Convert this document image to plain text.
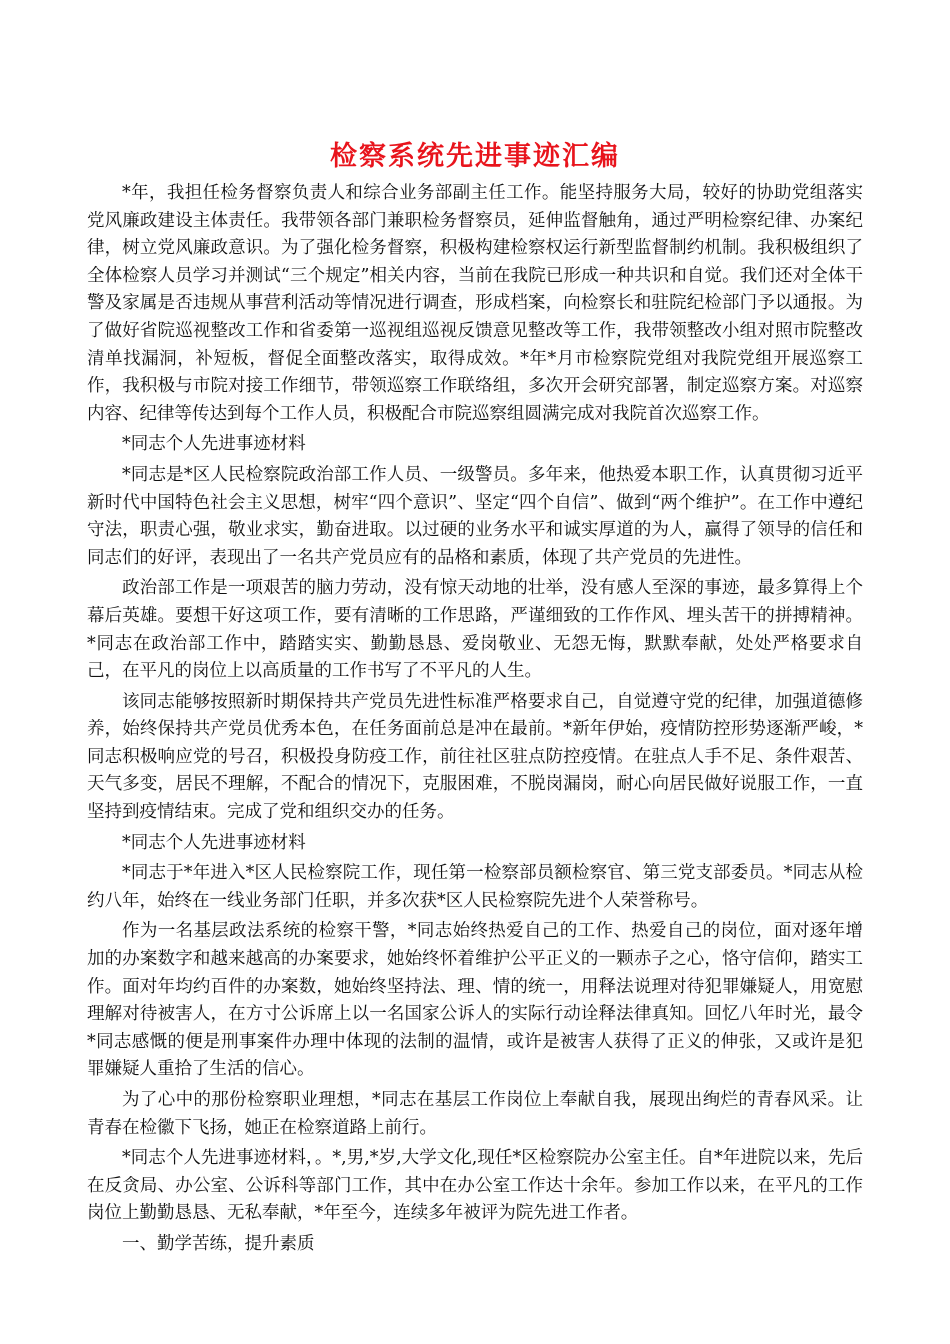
检察系统先进事迹汇编

*年，我担任检务督察负责人和综合业务部副主任工作。能坚持服务大局，较好的协助党组落实党风廉政建设主体责任。我带领各部门兼职检务督察员，延伸监督触角，通过严明检察纪律、办案纪律，树立党风廉政意识。为了强化检务督察，积极构建检察权运行新型监督制约机制。我积极组织了全体检察人员学习并测试“三个规定”相关内容，当前在我院已形成一种共识和自觉。我们还对全体干警及家属是否违规从事营利活动等情况进行调查，形成档案，向检察长和驻院纪检部门予以通报。为了做好省院巡视整改工作和省委第一巡视组巡视反馈意见整改等工作，我带领整改小组对照市院整改清单找漏洞，补短板，督促全面整改落实，取得成效。*年*月市检察院党组对我院党组开展巡察工作，我积极与市院对接工作细节，带领巡察工作联络组，多次开会研究部署，制定巡察方案。对巡察内容、纪律等传达到每个工作人员，积极配合市院巡察组圆满完成对我院首次巡察工作。

*同志个人先进事迹材料

*同志是*区人民检察院政治部工作人员、一级警员。多年来，他热爱本职工作，认真贯彻习近平新时代中国特色社会主义思想，树牢“四个意识”、坚定“四个自信”、做到“两个维护”。在工作中遵纪守法，职责心强，敬业求实，勤奋进取。以过硬的业务水平和诚实厚道的为人，赢得了领导的信任和同志们的好评，表现出了一名共产党员应有的品格和素质，体现了共产党员的先进性。

政治部工作是一项艰苦的脑力劳动，没有惊天动地的壮举，没有感人至深的事迹，最多算得上个幕后英雄。要想干好这项工作，要有清晰的工作思路，严谨细致的工作作风、埋头苦干的拼搏精神。*同志在政治部工作中，踏踏实实、勤勤恳恳、爱岗敬业、无怨无悔，默默奉献，处处严格要求自己，在平凡的岗位上以高质量的工作书写了不平凡的人生。

该同志能够按照新时期保持共产党员先进性标准严格要求自己，自觉遵守党的纪律，加强道德修养，始终保持共产党员优秀本色，在任务面前总是冲在最前。*新年伊始，疫情防控形势逐渐严峻，*同志积极响应党的号召，积极投身防疫工作，前往社区驻点防控疫情。在驻点人手不足、条件艰苦、天气多变，居民不理解，不配合的情况下，克服困难，不脱岗漏岗，耐心向居民做好说服工作，一直坚持到疫情结束。完成了党和组织交办的任务。

*同志个人先进事迹材料

*同志于*年进入*区人民检察院工作，现任第一检察部员额检察官、第三党支部委员。*同志从检约八年，始终在一线业务部门任职，并多次获*区人民检察院先进个人荣誉称号。

作为一名基层政法系统的检察干警，*同志始终热爱自己的工作、热爱自己的岗位，面对逐年增加的办案数字和越来越高的办案要求，她始终怀着维护公平正义的一颗赤子之心，恪守信仰，踏实工作。面对年均约百件的办案数，她始终坚持法、理、情的统一，用释法说理对待犯罪嫌疑人，用宽慰理解对待被害人，在方寸公诉席上以一名国家公诉人的实际行动诠释法律真知。回忆八年时光，最令*同志感慨的便是刑事案件办理中体现的法制的温情，或许是被害人获得了正义的伸张，又或许是犯罪嫌疑人重拾了生活的信心。

为了心中的那份检察职业理想，*同志在基层工作岗位上奉献自我，展现出绚烂的青春风采。让青春在检徽下飞扬，她正在检察道路上前行。

*同志个人先进事迹材料，。*,男,*岁,大学文化,现任*区检察院办公室主任。自*年进院以来，先后在反贪局、办公室、公诉科等部门工作，其中在办公室工作达十余年。参加工作以来，在平凡的工作岗位上勤勤恳恳、无私奉献，*年至今，连续多年被评为院先进工作者。

一、勤学苦练，提升素质
